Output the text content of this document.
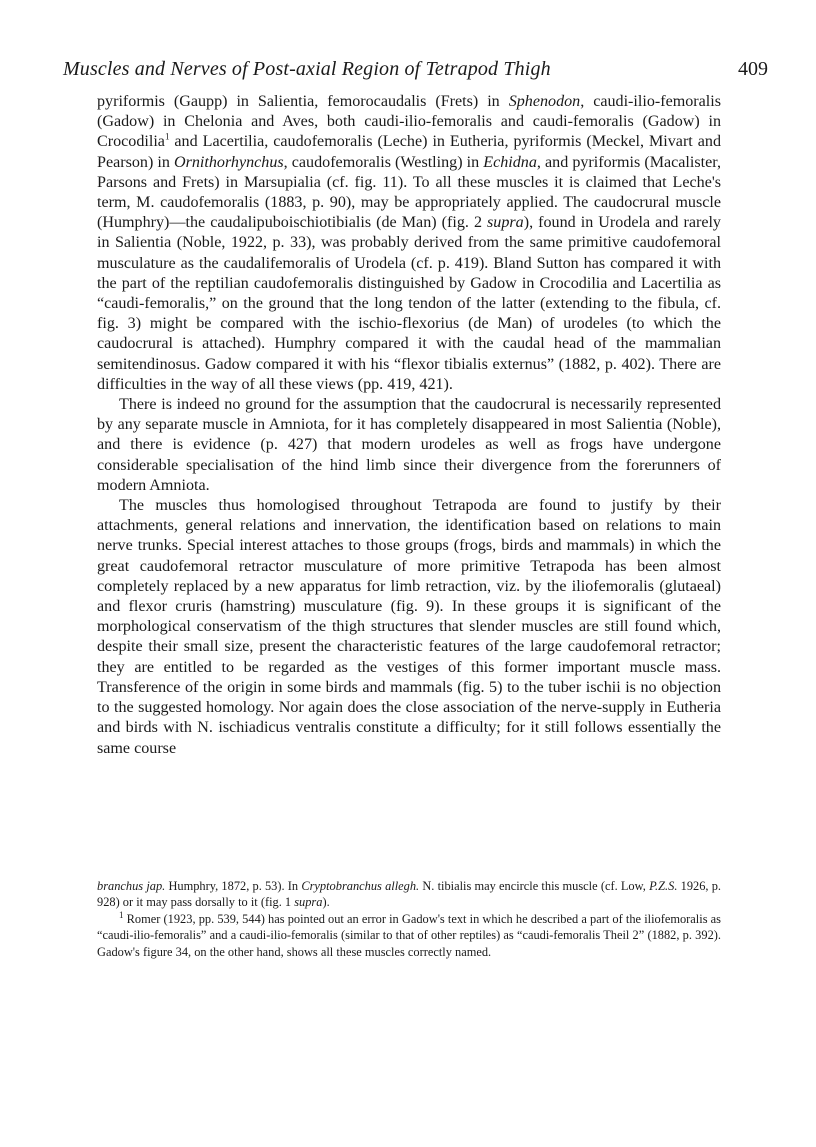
Muscles and Nerves of Post-axial Region of Tetrapod Thigh	409

pyriformis (Gaupp) in Salientia, femorocaudalis (Frets) in Sphenodon, caudi-ilio-femoralis (Gadow) in Chelonia and Aves, both caudi-ilio-femoralis and caudi-femoralis (Gadow) in Crocodilia$^1$ and Lacertilia, caudofemoralis (Leche) in Eutheria, pyriformis (Meckel, Mivart and Pearson) in Ornithorhynchus, caudofemoralis (Westling) in Echidna, and pyriformis (Macalister, Parsons and Frets) in Marsupialia (cf. fig. 11). To all these muscles it is claimed that Leche's term, M. caudofemoralis (1883, p. 90), may be appropriately applied. The caudocrural muscle (Humphry)—the caudalipuboischiotibialis (de Man) (fig. 2 supra), found in Urodela and rarely in Salientia (Noble, 1922, p. 33), was probably derived from the same primitive caudofemoral musculature as the caudalifemoralis of Urodela (cf. p. 419). Bland Sutton has compared it with the part of the reptilian caudofemoralis distinguished by Gadow in Crocodilia and Lacertilia as “caudi-femoralis,” on the ground that the long tendon of the latter (extending to the fibula, cf. fig. 3) might be compared with the ischio-flexorius (de Man) of urodeles (to which the caudocrural is attached). Humphry compared it with the caudal head of the mammalian semitendinosus. Gadow compared it with his “flexor tibialis externus” (1882, p. 402). There are difficulties in the way of all these views (pp. 419, 421).

There is indeed no ground for the assumption that the caudocrural is necessarily represented by any separate muscle in Amniota, for it has completely disappeared in most Salientia (Noble), and there is evidence (p. 427) that modern urodeles as well as frogs have undergone considerable specialisation of the hind limb since their divergence from the forerunners of modern Amniota.

The muscles thus homologised throughout Tetrapoda are found to justify by their attachments, general relations and innervation, the identification based on relations to main nerve trunks. Special interest attaches to those groups (frogs, birds and mammals) in which the great caudofemoral retractor musculature of more primitive Tetrapoda has been almost completely replaced by a new apparatus for limb retraction, viz. by the iliofemoralis (glutaeal) and flexor cruris (hamstring) musculature (fig. 9). In these groups it is significant of the morphological conservatism of the thigh structures that slender muscles are still found which, despite their small size, present the characteristic features of the large caudofemoral retractor; they are entitled to be regarded as the vestiges of this former important muscle mass. Transference of the origin in some birds and mammals (fig. 5) to the tuber ischii is no objection to the suggested homology. Nor again does the close association of the nerve-supply in Eutheria and birds with N. ischiadicus ventralis constitute a difficulty; for it still follows essentially the same course

branchus jap. Humphry, 1872, p. 53). In Cryptobranchus allegh. N. tibialis may encircle this muscle (cf. Low, P.Z.S. 1926, p. 928) or it may pass dorsally to it (fig. 1 supra).

$^1$ Romer (1923, pp. 539, 544) has pointed out an error in Gadow's text in which he described a part of the iliofemoralis as “caudi-ilio-femoralis” and a caudi-ilio-femoralis (similar to that of other reptiles) as “caudi-femoralis Theil 2” (1882, p. 392). Gadow's figure 34, on the other hand, shows all these muscles correctly named.
